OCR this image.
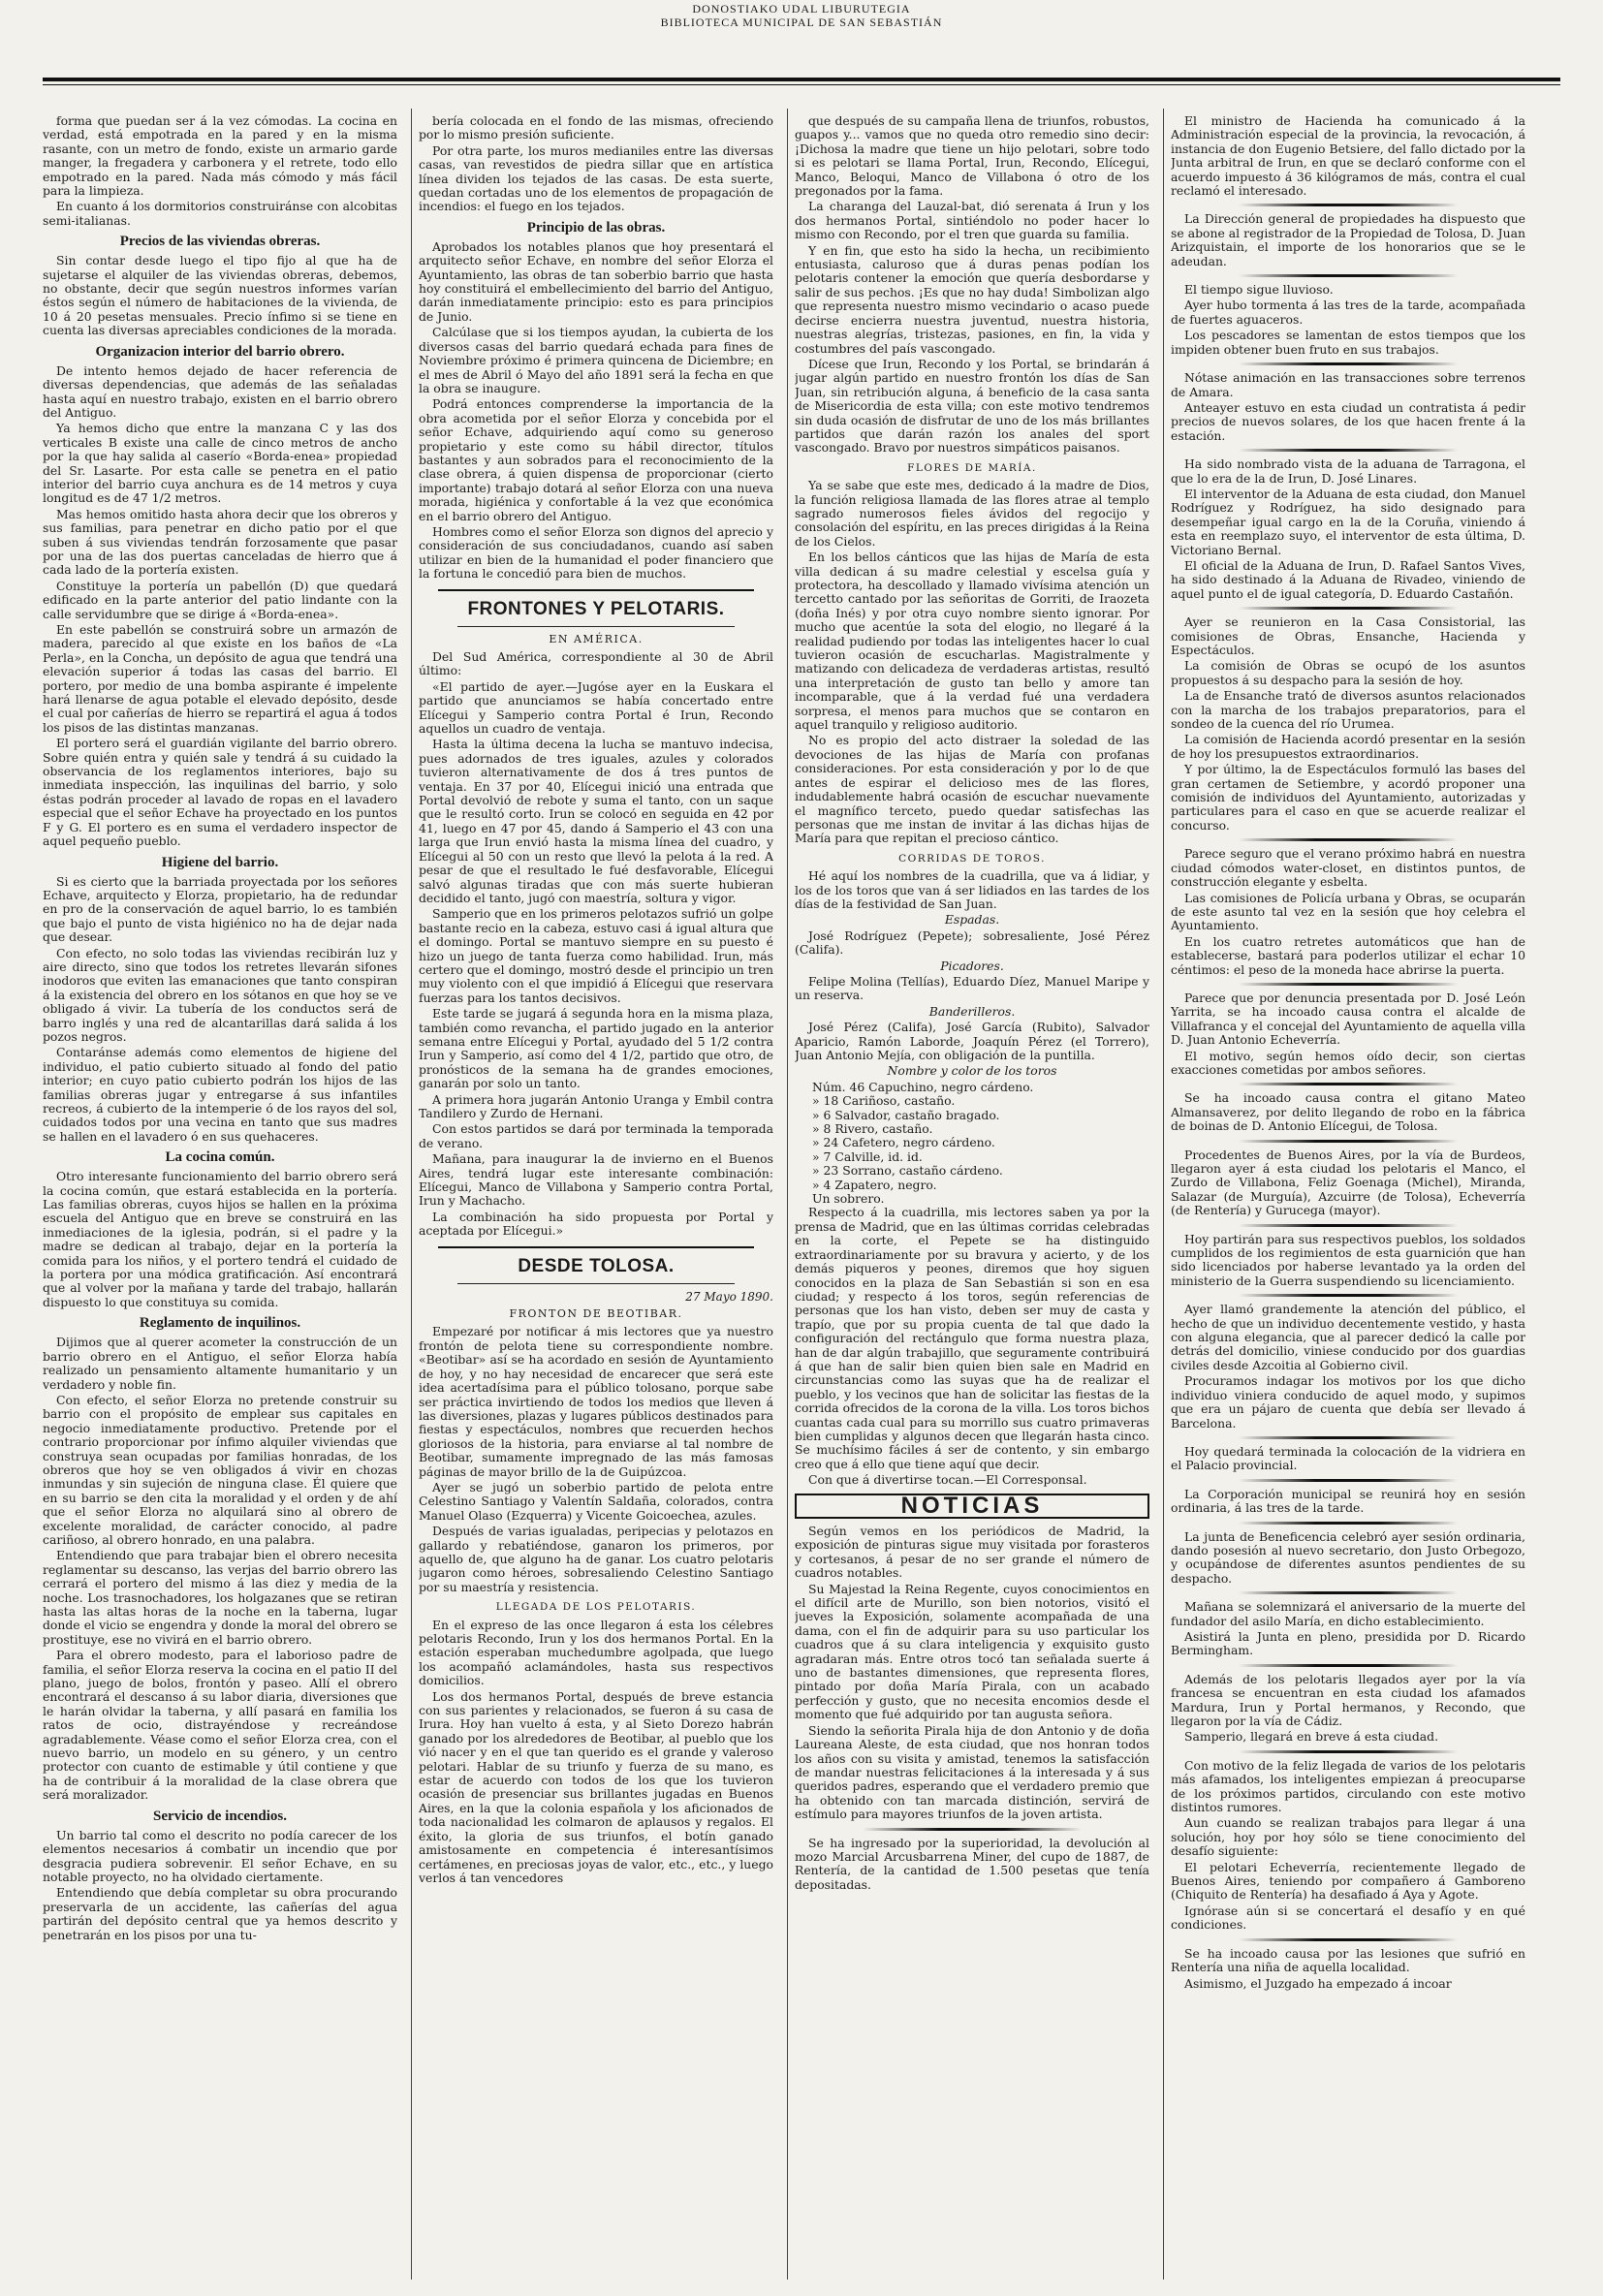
DONOSTIAKO UDAL LIBURUTEGIA
BIBLIOTECA MUNICIPAL DE SAN SEBASTIÁN

forma que puedan ser á la vez cómodas. La cocina en verdad, está empotrada en la pared y en la misma rasante, con un metro de fondo, existe un armario garde manger, la fregadera y carbonera y el retrete, todo ello empotrado en la pared. Nada más cómodo y más fácil para la limpieza.

En cuanto á los dormitorios construiránse con alcobitas semi-italianas.

Precios de las viviendas obreras.

Sin contar desde luego el tipo fijo al que ha de sujetarse el alquiler de las viviendas obreras, debemos, no obstante, decir que según nuestros informes varían éstos según el número de habitaciones de la vivienda, de 10 á 20 pesetas mensuales. Precio ínfimo si se tiene en cuenta las diversas apreciables condiciones de la morada.

Organizacion interior del barrio obrero.

De intento hemos dejado de hacer referencia de diversas dependencias, que además de las señaladas hasta aquí en nuestro trabajo, existen en el barrio obrero del Antiguo.

Ya hemos dicho que entre la manzana C y las dos verticales B existe una calle de cinco metros de ancho por la que hay salida al caserío «Borda-enea» propiedad del Sr. Lasarte. Por esta calle se penetra en el patio interior del barrio cuya anchura es de 14 metros y cuya longitud es de 47 1/2 metros.

Mas hemos omitido hasta ahora decir que los obreros y sus familias, para penetrar en dicho patio por el que suben á sus viviendas tendrán forzosamente que pasar por una de las dos puertas canceladas de hierro que á cada lado de la portería existen.

Constituye la portería un pabellón (D) que quedará edificado en la parte anterior del patio lindante con la calle servidumbre que se dirige á «Borda-enea».

En este pabellón se construirá sobre un armazón de madera, parecido al que existe en los baños de «La Perla», en la Concha, un depósito de agua que tendrá una elevación superior á todas las casas del barrio. El portero, por medio de una bomba aspirante é impelente hará llenarse de agua potable el elevado depósito, desde el cual por cañerías de hierro se repartirá el agua á todos los pisos de las distintas manzanas.

El portero será el guardián vigilante del barrio obrero. Sobre quién entra y quién sale y tendrá á su cuidado la observancia de los reglamentos interiores, bajo su inmediata inspección, las inquilinas del barrio, y solo éstas podrán proceder al lavado de ropas en el lavadero especial que el señor Echave ha proyectado en los puntos F y G. El portero es en suma el verdadero inspector de aquel pequeño pueblo.

Higiene del barrio.

Si es cierto que la barriada proyectada por los señores Echave, arquitecto y Elorza, propietario, ha de redundar en pro de la conservación de aquel barrio, lo es también que bajo el punto de vista higiénico no ha de dejar nada que desear.

Con efecto, no solo todas las viviendas recibirán luz y aire directo, sino que todos los retretes llevarán sifones inodoros que eviten las emanaciones que tanto conspiran á la existencia del obrero en los sótanos en que hoy se ve obligado á vivir. La tubería de los conductos será de barro inglés y una red de alcantarillas dará salida á los pozos negros.

Contaránse además como elementos de higiene del individuo, el patio cubierto situado al fondo del patio interior; en cuyo patio cubierto podrán los hijos de las familias obreras jugar y entregarse á sus infantiles recreos, á cubierto de la intemperie ó de los rayos del sol, cuidados todos por una vecina en tanto que sus madres se hallen en el lavadero ó en sus quehaceres.

La cocina común.

Otro interesante funcionamiento del barrio obrero será la cocina común, que estará establecida en la portería. Las familias obreras, cuyos hijos se hallen en la próxima escuela del Antiguo que en breve se construirá en las inmediaciones de la iglesia, podrán, si el padre y la madre se dedican al trabajo, dejar en la portería la comida para los niños, y el portero tendrá el cuidado de la portera por una módica gratificación. Así encontrará que al volver por la mañana y tarde del trabajo, hallarán dispuesto lo que constituya su comida.

Reglamento de inquilinos.

Dijimos que al querer acometer la construcción de un barrio obrero en el Antiguo, el señor Elorza había realizado un pensamiento altamente humanitario y un verdadero y noble fin.

Con efecto, el señor Elorza no pretende construir su barrio con el propósito de emplear sus capitales en negocio inmediatamente productivo. Pretende por el contrario proporcionar por ínfimo alquiler viviendas que construya sean ocupadas por familias honradas, de los obreros que hoy se ven obligados á vivir en chozas inmundas y sin sujeción de ninguna clase. Él quiere que en su barrio se den cita la moralidad y el orden y de ahí que el señor Elorza no alquilará sino al obrero de excelente moralidad, de carácter conocido, al padre cariñoso, al obrero honrado, en una palabra.

Entendiendo que para trabajar bien el obrero necesita reglamentar su descanso, las verjas del barrio obrero las cerrará el portero del mismo á las diez y media de la noche. Los trasnochadores, los holgazanes que se retiran hasta las altas horas de la noche en la taberna, lugar donde el vicio se engendra y donde la moral del obrero se prostituye, ese no vivirá en el barrio obrero.

Para el obrero modesto, para el laborioso padre de familia, el señor Elorza reserva la cocina en el patio II del plano, juego de bolos, frontón y paseo. Allí el obrero encontrará el descanso á su labor diaria, diversiones que le harán olvidar la taberna, y allí pasará en familia los ratos de ocio, distrayéndose y recreándose agradablemente. Véase como el señor Elorza crea, con el nuevo barrio, un modelo en su género, y un centro protector con cuanto de estimable y útil contiene y que ha de contribuir á la moralidad de la clase obrera que será moralizador.

Servicio de incendios.

Un barrio tal como el descrito no podía carecer de los elementos necesarios á combatir un incendio que por desgracia pudiera sobrevenir. El señor Echave, en su notable proyecto, no ha olvidado ciertamente.

Entendiendo que debía completar su obra procurando preservarla de un accidente, las cañerías del agua partirán del depósito central que ya hemos descrito y penetrarán en los pisos por una tu-

bería colocada en el fondo de las mismas, ofreciendo por lo mismo presión suficiente.

Por otra parte, los muros medianiles entre las diversas casas, van revestidos de piedra sillar que en artística línea dividen los tejados de las casas. De esta suerte, quedan cortadas uno de los elementos de propagación de incendios: el fuego en los tejados.

Principio de las obras.

Aprobados los notables planos que hoy presentará el arquitecto señor Echave, en nombre del señor Elorza el Ayuntamiento, las obras de tan soberbio barrio que hasta hoy constituirá el embellecimiento del barrio del Antiguo, darán inmediatamente principio: esto es para principios de Junio.

Calcúlase que si los tiempos ayudan, la cubierta de los diversos casas del barrio quedará echada para fines de Noviembre próximo é primera quincena de Diciembre; en el mes de Abril ó Mayo del año 1891 será la fecha en que la obra se inaugure.

Podrá entonces comprenderse la importancia de la obra acometida por el señor Elorza y concebida por el señor Echave, adquiriendo aquí como su generoso propietario y este como su hábil director, títulos bastantes y aun sobrados para el reconocimiento de la clase obrera, á quien dispensa de proporcionar (cierto importante) trabajo dotará al señor Elorza con una nueva morada, higiénica y confortable á la vez que económica en el barrio obrero del Antiguo.

Hombres como el señor Elorza son dignos del aprecio y consideración de sus conciudadanos, cuando así saben utilizar en bien de la humanidad el poder financiero que la fortuna le concedió para bien de muchos.

FRONTONES Y PELOTARIS.
EN AMÉRICA.

Del Sud América, correspondiente al 30 de Abril último:

«El partido de ayer.—Jugóse ayer en la Euskara el partido que anunciamos se había concertado entre Elícegui y Samperio contra Portal é Irun, Recondo aquellos un cuadro de ventaja.

Hasta la última decena la lucha se mantuvo indecisa, pues adornados de tres iguales, azules y colorados tuvieron alternativamente de dos á tres puntos de ventaja. En 37 por 40, Elícegui inició una entrada que Portal devolvió de rebote y suma el tanto, con un saque que le resultó corto. Irun se colocó en seguida en 42 por 41, luego en 47 por 45, dando á Samperio el 43 con una larga que Irun envió hasta la misma línea del cuadro, y Elícegui al 50 con un resto que llevó la pelota á la red. A pesar de que el resultado le fué desfavorable, Elícegui salvó algunas tiradas que con más suerte hubieran decidido el tanto, jugó con maestría, soltura y vigor.

Samperio que en los primeros pelotazos sufrió un golpe bastante recio en la cabeza, estuvo casi á igual altura que el domingo. Portal se mantuvo siempre en su puesto é hizo un juego de tanta fuerza como habilidad. Irun, más certero que el domingo, mostró desde el principio un tren muy violento con el que impidió á Elícegui que reservara fuerzas para los tantos decisivos.

Este tarde se jugará á segunda hora en la misma plaza, también como revancha, el partido jugado en la anterior semana entre Elícegui y Portal, ayudado del 5 1/2 contra Irun y Samperio, así como del 4 1/2, partido que otro, de pronósticos de la semana ha de grandes emociones, ganarán por solo un tanto.

A primera hora jugarán Antonio Uranga y Embil contra Tandilero y Zurdo de Hernani.

Con estos partidos se dará por terminada la temporada de verano.

Mañana, para inaugurar la de invierno en el Buenos Aires, tendrá lugar este interesante combinación: Elícegui, Manco de Villabona y Samperio contra Portal, Irun y Machacho.

La combinación ha sido propuesta por Portal y aceptada por Elícegui.»

DESDE TOLOSA.
27 Mayo 1890.
FRONTON DE BEOTIBAR.

Empezaré por notificar á mis lectores que ya nuestro frontón de pelota tiene su correspondiente nombre. «Beotibar» así se ha acordado en sesión de Ayuntamiento de hoy, y no hay necesidad de encarecer que será este idea acertadísima para el público tolosano, porque sabe ser práctica invirtiendo de todos los medios que lleven á las diversiones, plazas y lugares públicos destinados para fiestas y espectáculos, nombres que recuerden hechos gloriosos de la historia, para enviarse al tal nombre de Beotibar, sumamente impregnado de las más famosas páginas de mayor brillo de la de Guipúzcoa.

Ayer se jugó un soberbio partido de pelota entre Celestino Santiago y Valentín Saldaña, colorados, contra Manuel Olaso (Ezquerra) y Vicente Goicoechea, azules.

Después de varias igualadas, peripecias y pelotazos en gallardo y rebatiéndose, ganaron los primeros, por aquello de, que alguno ha de ganar. Los cuatro pelotaris jugaron como héroes, sobresaliendo Celestino Santiago por su maestría y resistencia.

LLEGADA DE LOS PELOTARIS.

En el expreso de las once llegaron á esta los célebres pelotaris Recondo, Irun y los dos hermanos Portal. En la estación esperaban muchedumbre agolpada, que luego los acompañó aclamándoles, hasta sus respectivos domicilios.

Los dos hermanos Portal, después de breve estancia con sus parientes y relacionados, se fueron á su casa de Irura. Hoy han vuelto á esta, y al Sieto Dorezo habrán ganado por los alrededores de Beotibar, al pueblo que los vió nacer y en el que tan querido es el grande y valeroso pelotari. Hablar de su triunfo y fuerza de su mano, es estar de acuerdo con todos de los que los tuvieron ocasión de presenciar sus brillantes jugadas en Buenos Aires, en la que la colonia española y los aficionados de toda nacionalidad les colmaron de aplausos y regalos. El éxito, la gloria de sus triunfos, el botín ganado amistosamente en competencia é interesantísimos certámenes, en preciosas joyas de valor, etc., etc., y luego verlos á tan vencedores

que después de su campaña llena de triunfos, robustos, guapos y... vamos que no queda otro remedio sino decir: ¡Dichosa la madre que tiene un hijo pelotari, sobre todo si es pelotari se llama Portal, Irun, Recondo, Elícegui, Manco, Beloqui, Manco de Villabona ó otro de los pregonados por la fama.

La charanga del Lauzal-bat, dió serenata á Irun y los dos hermanos Portal, sintiéndolo no poder hacer lo mismo con Recondo, por el tren que guarda su familia.

Y en fin, que esto ha sido la hecha, un recibimiento entusiasta, caluroso que á duras penas podían los pelotaris contener la emoción que quería desbordarse y salir de sus pechos. ¡Es que no hay duda! Simbolizan algo que representa nuestro mismo vecindario o acaso puede decirse encierra nuestra juventud, nuestra historia, nuestras alegrías, tristezas, pasiones, en fin, la vida y costumbres del país vascongado.

Dícese que Irun, Recondo y los Portal, se brindarán á jugar algún partido en nuestro frontón los días de San Juan, sin retribución alguna, á beneficio de la casa santa de Misericordia de esta villa; con este motivo tendremos sin duda ocasión de disfrutar de uno de los más brillantes partidos que darán razón los anales del sport vascongado. Bravo por nuestros simpáticos paisanos.

FLORES DE MARÍA.

Ya se sabe que este mes, dedicado á la madre de Dios, la función religiosa llamada de las flores atrae al templo sagrado numerosos fieles ávidos del regocijo y consolación del espíritu, en las preces dirigidas á la Reina de los Cielos.

En los bellos cánticos que las hijas de María de esta villa dedican á su madre celestial y escelsa guía y protectora, ha descollado y llamado vivísima atención un tercetto cantado por las señoritas de Gorriti, de Iraozeta (doña Inés) y por otra cuyo nombre siento ignorar. Por mucho que acentúe la sota del elogio, no llegaré á la realidad pudiendo por todas las inteligentes hacer lo cual tuvieron ocasión de escucharlas. Magistralmente y matizando con delicadeza de verdaderas artistas, resultó una interpretación de gusto tan bello y amore tan incomparable, que á la verdad fué una verdadera sorpresa, el menos para muchos que se contaron en aquel tranquilo y religioso auditorio.

No es propio del acto distraer la soledad de las devociones de las hijas de María con profanas consideraciones. Por esta consideración y por lo de que antes de espirar el delicioso mes de las flores, indudablemente habrá ocasión de escuchar nuevamente el magnífico terceto, puedo quedar satisfechas las personas que me instan de invitar á las dichas hijas de María para que repitan el precioso cántico.

CORRIDAS DE TOROS.

Hé aquí los nombres de la cuadrilla, que va á lidiar, y los de los toros que van á ser lidiados en las tardes de los días de la festividad de San Juan.

Espadas.

José Rodríguez (Pepete); sobresaliente, José Pérez (Califa).

Picadores.

Felipe Molina (Tellías), Eduardo Díez, Manuel Maripe y un reserva.

Banderilleros.

José Pérez (Califa), José García (Rubito), Salvador Aparicio, Ramón Laborde, Joaquín Pérez (el Torrero), Juan Antonio Mejía, con obligación de la puntilla.

Nombre y color de los toros

Núm. 46 Capuchino, negro cárdeno.

» 18 Cariñoso, castaño.

» 6 Salvador, castaño bragado.

» 8 Rivero, castaño.

» 24 Cafetero, negro cárdeno.

» 7 Calville, id. id.

» 23 Sorrano, castaño cárdeno.

» 4 Zapatero, negro.

Un sobrero.

Respecto á la cuadrilla, mis lectores saben ya por la prensa de Madrid, que en las últimas corridas celebradas en la corte, el Pepete se ha distinguido extraordinariamente por su bravura y acierto, y de los demás piqueros y peones, diremos que hoy siguen conocidos en la plaza de San Sebastián si son en esa ciudad; y respecto á los toros, según referencias de personas que los han visto, deben ser muy de casta y trapío, que por su propia cuenta de tal que dado la configuración del rectángulo que forma nuestra plaza, han de dar algún trabajillo, que seguramente contribuirá á que han de salir bien quien bien sale en Madrid en circunstancias como las suyas que ha de realizar el pueblo, y los vecinos que han de solicitar las fiestas de la corrida ofrecidos de la corona de la villa. Los toros bichos cuantas cada cual para su morrillo sus cuatro primaveras bien cumplidas y algunos decen que llegarán hasta cinco. Se muchísimo fáciles á ser de contento, y sin embargo creo que á ello que tiene aquí que decir.

Con que á divertirse tocan.—El Corresponsal.

NOTICIAS

Según vemos en los periódicos de Madrid, la exposición de pinturas sigue muy visitada por forasteros y cortesanos, á pesar de no ser grande el número de cuadros notables.

Su Majestad la Reina Regente, cuyos conocimientos en el difícil arte de Murillo, son bien notorios, visitó el jueves la Exposición, solamente acompañada de una dama, con el fin de adquirir para su uso particular los cuadros que á su clara inteligencia y exquisito gusto agradaran más. Entre otros tocó tan señalada suerte á uno de bastantes dimensiones, que representa flores, pintado por doña María Pirala, con un acabado perfección y gusto, que no necesita encomios desde el momento que fué adquirido por tan augusta señora.

Siendo la señorita Pirala hija de don Antonio y de doña Laureana Aleste, de esta ciudad, que nos honran todos los años con su visita y amistad, tenemos la satisfacción de mandar nuestras felicitaciones á la interesada y á sus queridos padres, esperando que el verdadero premio que ha obtenido con tan marcada distinción, servirá de estímulo para mayores triunfos de la joven artista.

Se ha ingresado por la superioridad, la devolución al mozo Marcial Arcusbarrena Miner, del cupo de 1887, de Rentería, de la cantidad de 1.500 pesetas que tenía depositadas.

El ministro de Hacienda ha comunicado á la Administración especial de la provincia, la revocación, á instancia de don Eugenio Betsiere, del fallo dictado por la Junta arbitral de Irun, en que se declaró conforme con el acuerdo impuesto á 36 kilógramos de más, contra el cual reclamó el interesado.

La Dirección general de propiedades ha dispuesto que se abone al registrador de la Propiedad de Tolosa, D. Juan Arizquistain, el importe de los honorarios que se le adeudan.

El tiempo sigue lluvioso.

Ayer hubo tormenta á las tres de la tarde, acompañada de fuertes aguaceros.

Los pescadores se lamentan de estos tiempos que los impiden obtener buen fruto en sus trabajos.

Nótase animación en las transacciones sobre terrenos de Amara.

Anteayer estuvo en esta ciudad un contratista á pedir precios de nuevos solares, de los que hacen frente á la estación.

Ha sido nombrado vista de la aduana de Tarragona, el que lo era de la de Irun, D. José Linares.

El interventor de la Aduana de esta ciudad, don Manuel Rodríguez y Rodríguez, ha sido designado para desempeñar igual cargo en la de la Coruña, viniendo á esta en reemplazo suyo, el interventor de esta última, D. Victoriano Bernal.

El oficial de la Aduana de Irun, D. Rafael Santos Vives, ha sido destinado á la Aduana de Rivadeo, viniendo de aquel punto el de igual categoría, D. Eduardo Castañón.

Ayer se reunieron en la Casa Consistorial, las comisiones de Obras, Ensanche, Hacienda y Espectáculos.

La comisión de Obras se ocupó de los asuntos propuestos á su despacho para la sesión de hoy.

La de Ensanche trató de diversos asuntos relacionados con la marcha de los trabajos preparatorios, para el sondeo de la cuenca del río Urumea.

La comisión de Hacienda acordó presentar en la sesión de hoy los presupuestos extraordinarios.

Y por último, la de Espectáculos formuló las bases del gran certamen de Setiembre, y acordó proponer una comisión de individuos del Ayuntamiento, autorizadas y particulares para el caso en que se acuerde realizar el concurso.

Parece seguro que el verano próximo habrá en nuestra ciudad cómodos water-closet, en distintos puntos, de construcción elegante y esbelta.

Las comisiones de Policía urbana y Obras, se ocuparán de este asunto tal vez en la sesión que hoy celebra el Ayuntamiento.

En los cuatro retretes automáticos que han de establecerse, bastará para poderlos utilizar el echar 10 céntimos: el peso de la moneda hace abrirse la puerta.

Parece que por denuncia presentada por D. José León Yarrita, se ha incoado causa contra el alcalde de Villafranca y el concejal del Ayuntamiento de aquella villa D. Juan Antonio Echeverría.

El motivo, según hemos oído decir, son ciertas exacciones cometidas por ambos señores.

Se ha incoado causa contra el gitano Mateo Almansaverez, por delito llegando de robo en la fábrica de boinas de D. Antonio Elícegui, de Tolosa.

Procedentes de Buenos Aires, por la vía de Burdeos, llegaron ayer á esta ciudad los pelotaris el Manco, el Zurdo de Villabona, Feliz Goenaga (Michel), Miranda, Salazar (de Murguía), Azcuirre (de Tolosa), Echeverría (de Rentería) y Gurucega (mayor).

Hoy partirán para sus respectivos pueblos, los soldados cumplidos de los regimientos de esta guarnición que han sido licenciados por haberse levantado ya la orden del ministerio de la Guerra suspendiendo su licenciamiento.

Ayer llamó grandemente la atención del público, el hecho de que un individuo decentemente vestido, y hasta con alguna elegancia, que al parecer dedicó la calle por detrás del domicilio, viniese conducido por dos guardias civiles desde Azcoitia al Gobierno civil.

Procuramos indagar los motivos por los que dicho individuo viniera conducido de aquel modo, y supimos que era un pájaro de cuenta que debía ser llevado á Barcelona.

Hoy quedará terminada la colocación de la vidriera en el Palacio provincial.

La Corporación municipal se reunirá hoy en sesión ordinaria, á las tres de la tarde.

La junta de Beneficencia celebró ayer sesión ordinaria, dando posesión al nuevo secretario, don Justo Orbegozo, y ocupándose de diferentes asuntos pendientes de su despacho.

Mañana se solemnizará el aniversario de la muerte del fundador del asilo María, en dicho establecimiento.

Asistirá la Junta en pleno, presidida por D. Ricardo Bermingham.

Además de los pelotaris llegados ayer por la vía francesa se encuentran en esta ciudad los afamados Mardura, Irun y Portal hermanos, y Recondo, que llegaron por la vía de Cádiz.

Samperio, llegará en breve á esta ciudad.

Con motivo de la feliz llegada de varios de los pelotaris más afamados, los inteligentes empiezan á preocuparse de los próximos partidos, circulando con este motivo distintos rumores.

Aun cuando se realizan trabajos para llegar á una solución, hoy por hoy sólo se tiene conocimiento del desafío siguiente:

El pelotari Echeverría, recientemente llegado de Buenos Aires, teniendo por compañero á Gamboreno (Chiquito de Rentería) ha desafiado á Aya y Agote.

Ignórase aún si se concertará el desafío y en qué condiciones.

Se ha incoado causa por las lesiones que sufrió en Rentería una niña de aquella localidad.

Asimismo, el Juzgado ha empezado á incoar
